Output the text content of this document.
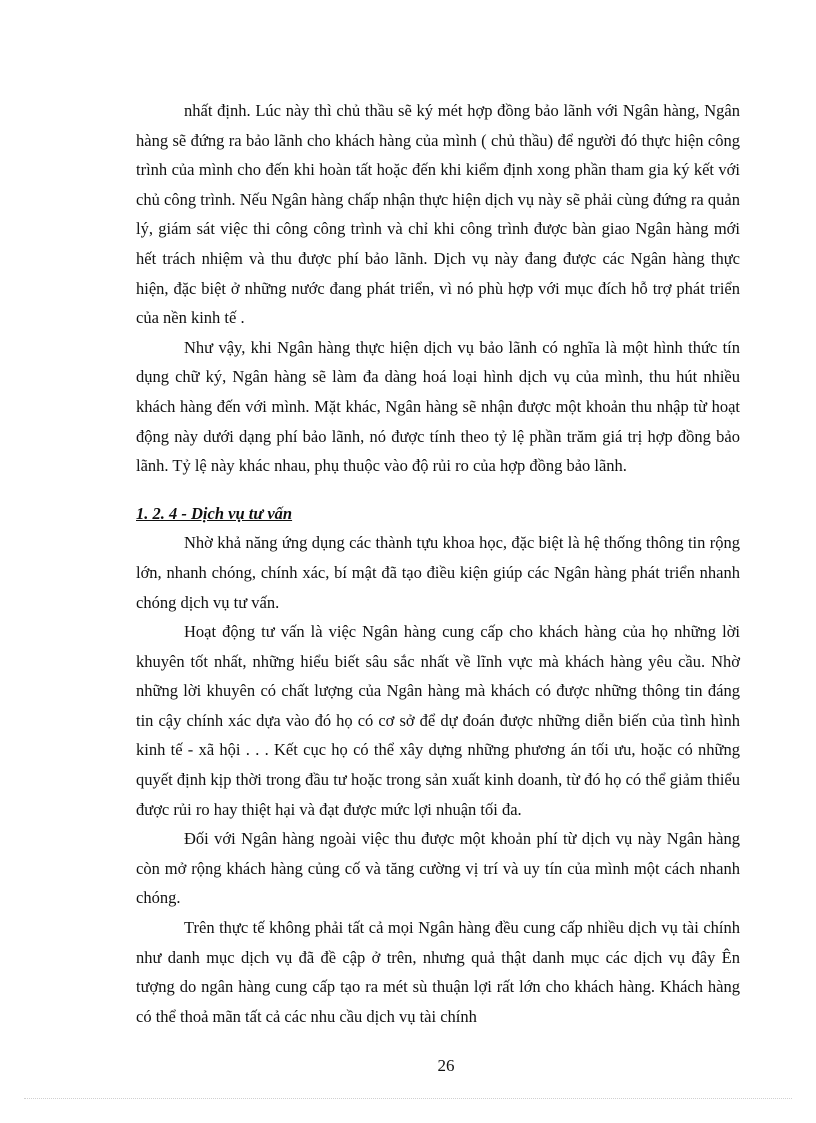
nhất định. Lúc này thì chủ thầu sẽ ký mét hợp đồng bảo lãnh với Ngân hàng, Ngân hàng sẽ đứng ra bảo lãnh cho khách hàng của mình ( chủ thầu) để người đó thực hiện công trình của mình cho đến khi hoàn tất hoặc đến khi kiểm định xong phần tham gia ký kết với chủ công trình. Nếu Ngân hàng chấp nhận thực hiện dịch vụ này sẽ phải cùng đứng ra quản lý, giám sát việc thi công công trình và chỉ khi công trình được bàn giao Ngân hàng mới hết trách nhiệm và thu được phí bảo lãnh. Dịch vụ này đang được các Ngân hàng thực hiện, đặc biệt ở những nước đang phát triển, vì nó phù hợp với mục đích hỗ trợ phát triển của nền kinh tế .

Như vậy, khi Ngân hàng thực hiện dịch vụ bảo lãnh có nghĩa là một hình thức tín dụng chữ ký, Ngân hàng sẽ làm đa dàng hoá loại hình dịch vụ của mình, thu hút nhiều khách hàng đến với mình. Mặt khác, Ngân hàng sẽ nhận được một khoản thu nhập từ hoạt động này dưới dạng phí bảo lãnh, nó được tính theo tỷ lệ phần trăm giá trị hợp đồng bảo lãnh. Tỷ lệ này khác nhau, phụ thuộc vào độ rủi ro của hợp đồng bảo lãnh.

1. 2. 4 - Dịch vụ tư vấn

Nhờ khả năng ứng dụng các thành tựu khoa học, đặc biệt là hệ thống thông tin rộng lớn, nhanh chóng, chính xác, bí mật đã tạo điều kiện giúp các Ngân hàng phát triển nhanh chóng dịch vụ tư vấn.

Hoạt động tư vấn là việc Ngân hàng cung cấp cho khách hàng của họ những lời khuyên tốt nhất, những hiểu biết sâu sắc nhất về lĩnh vực mà khách hàng yêu cầu. Nhờ những lời khuyên có chất lượng của Ngân hàng mà khách có được những thông tin đáng tin cậy chính xác dựa vào đó họ có cơ sở để dự đoán được những diễn biến của tình hình kinh tế - xã hội . . . Kết cục họ có thể xây dựng những phương án tối ưu, hoặc có những quyết định kịp thời trong đầu tư hoặc trong sản xuất kinh doanh, từ đó họ có thể giảm thiểu được rủi ro hay thiệt hại và đạt được mức lợi nhuận tối đa.

Đối với Ngân hàng ngoài việc thu được một khoản phí từ dịch vụ này Ngân hàng còn mở rộng khách hàng củng cố và tăng cường vị trí và uy tín của mình một cách nhanh chóng.

Trên thực tế không phải tất cả mọi Ngân hàng đều cung cấp nhiều dịch vụ tài chính như danh mục dịch vụ đã đề cập ở trên, nhưng quả thật danh mục các dịch vụ đây Ên tượng do ngân hàng cung cấp tạo ra mét sù thuận lợi rất lớn cho khách hàng. Khách hàng có thể thoả mãn tất cả các nhu cầu dịch vụ tài chính

26
